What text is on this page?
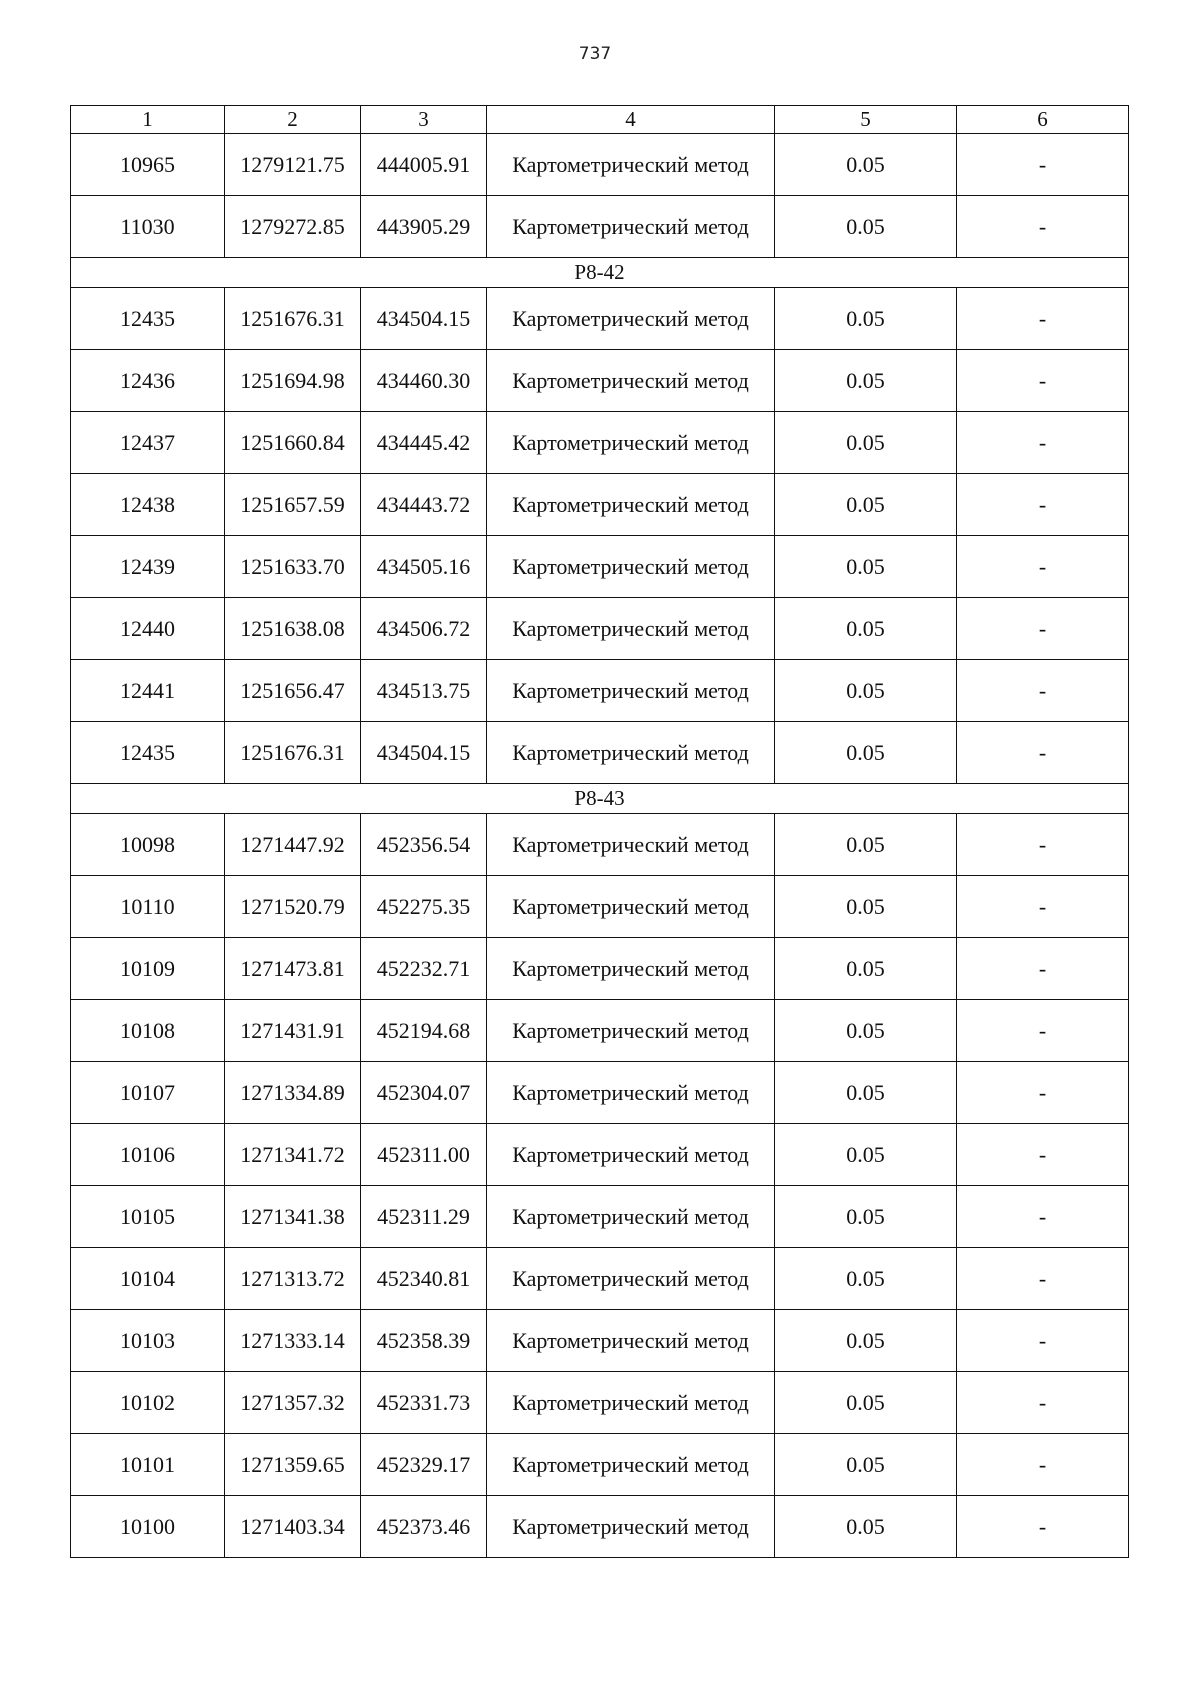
737
1	2	3	4	5	6
10965	1279121.75	444005.91	Картометрический метод	0.05	-
11030	1279272.85	443905.29	Картометрический метод	0.05	-
Р8-42					
12435	1251676.31	434504.15	Картометрический метод	0.05	-
12436	1251694.98	434460.30	Картометрический метод	0.05	-
12437	1251660.84	434445.42	Картометрический метод	0.05	-
12438	1251657.59	434443.72	Картометрический метод	0.05	-
12439	1251633.70	434505.16	Картометрический метод	0.05	-
12440	1251638.08	434506.72	Картометрический метод	0.05	-
12441	1251656.47	434513.75	Картометрический метод	0.05	-
12435	1251676.31	434504.15	Картометрический метод	0.05	-
Р8-43					
10098	1271447.92	452356.54	Картометрический метод	0.05	-
10110	1271520.79	452275.35	Картометрический метод	0.05	-
10109	1271473.81	452232.71	Картометрический метод	0.05	-
10108	1271431.91	452194.68	Картометрический метод	0.05	-
10107	1271334.89	452304.07	Картометрический метод	0.05	-
10106	1271341.72	452311.00	Картометрический метод	0.05	-
10105	1271341.38	452311.29	Картометрический метод	0.05	-
10104	1271313.72	452340.81	Картометрический метод	0.05	-
10103	1271333.14	452358.39	Картометрический метод	0.05	-
10102	1271357.32	452331.73	Картометрический метод	0.05	-
10101	1271359.65	452329.17	Картометрический метод	0.05	-
10100	1271403.34	452373.46	Картометрический метод	0.05	-
